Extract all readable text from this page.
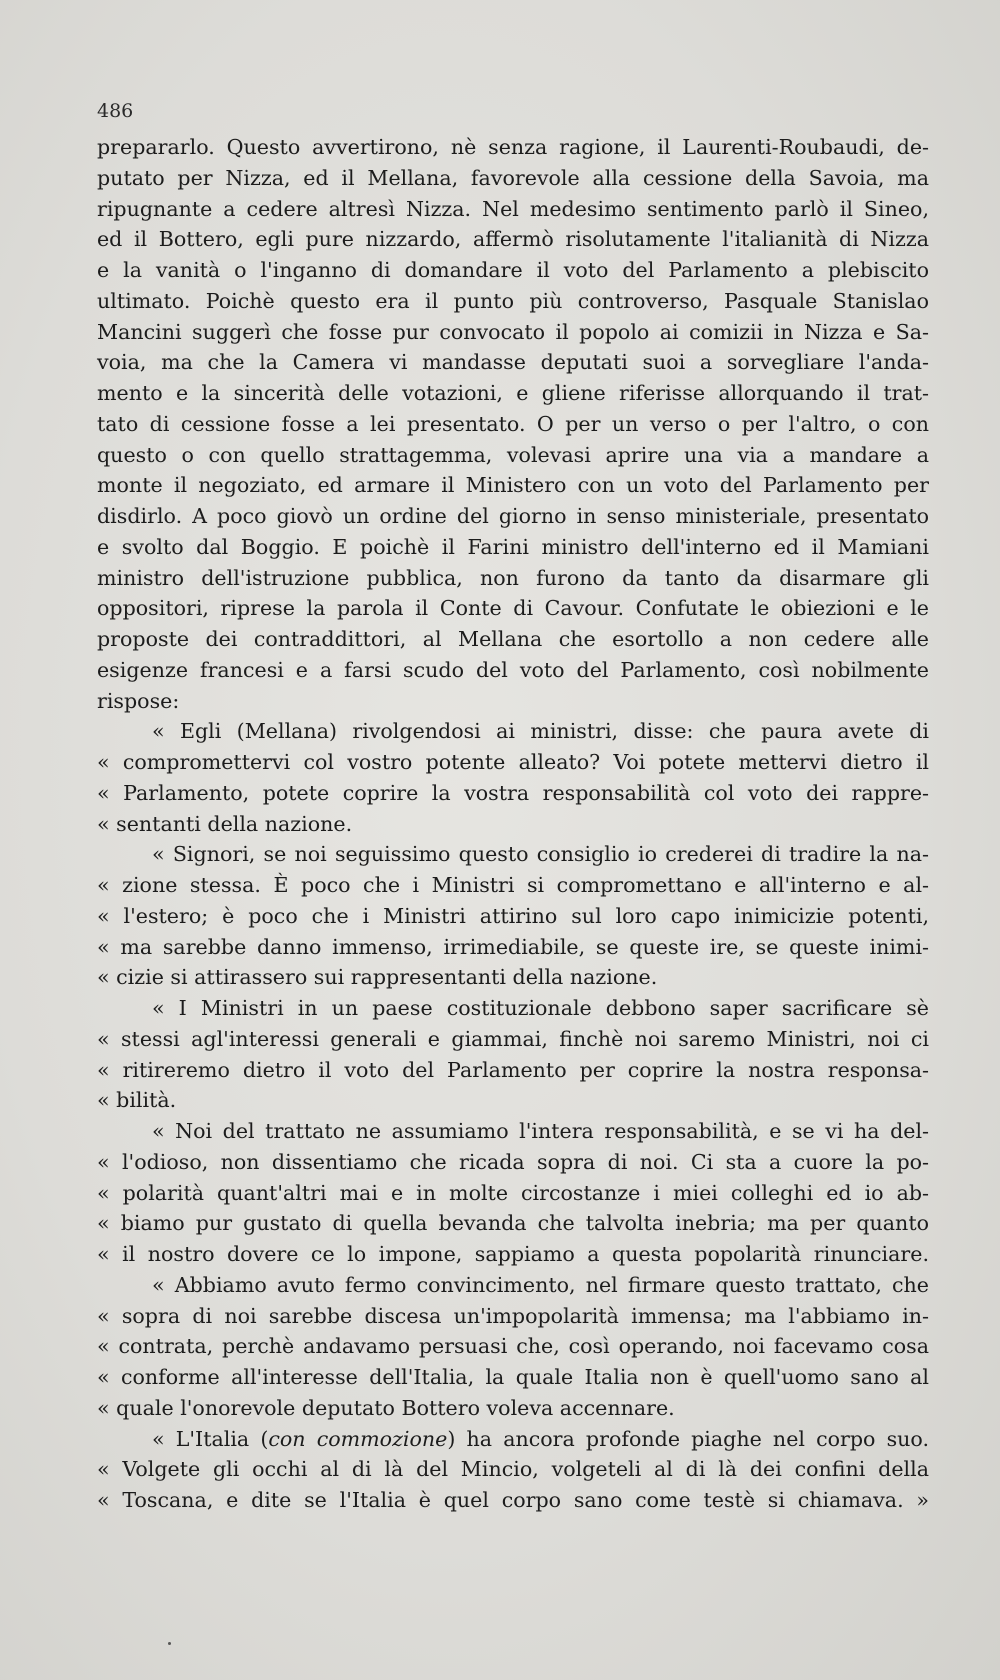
486
prepararlo. Questo avvertirono, nè senza ragione, il Laurenti-Roubaudi, de-
putato per Nizza, ed il Mellana, favorevole alla cessione della Savoia, ma
ripugnante a cedere altresì Nizza. Nel medesimo sentimento parlò il Sineo,
ed il Bottero, egli pure nizzardo, affermò risolutamente l'italianità di Nizza
e la vanità o l'inganno di domandare il voto del Parlamento a plebiscito
ultimato. Poichè questo era il punto più controverso, Pasquale Stanislao
Mancini suggerì che fosse pur convocato il popolo ai comizii in Nizza e Sa-
voia, ma che la Camera vi mandasse deputati suoi a sorvegliare l'anda-
mento e la sincerità delle votazioni, e gliene riferisse allorquando il trat-
tato di cessione fosse a lei presentato. O per un verso o per l'altro, o con
questo o con quello strattagemma, volevasi aprire una via a mandare a
monte il negoziato, ed armare il Ministero con un voto del Parlamento per
disdirlo. A poco giovò un ordine del giorno in senso ministeriale, presentato
e svolto dal Boggio. E poichè il Farini ministro dell'interno ed il Mamiani
ministro dell'istruzione pubblica, non furono da tanto da disarmare gli
oppositori, riprese la parola il Conte di Cavour. Confutate le obiezioni e le
proposte dei contraddittori, al Mellana che esortollo a non cedere alle
esigenze francesi e a farsi scudo del voto del Parlamento, così nobilmente
rispose:
« Egli (Mellana) rivolgendosi ai ministri, disse: che paura avete di
« compromettervi col vostro potente alleato? Voi potete mettervi dietro il
« Parlamento, potete coprire la vostra responsabilità col voto dei rappre-
« sentanti della nazione.
« Signori, se noi seguissimo questo consiglio io crederei di tradire la na-
« zione stessa. È poco che i Ministri si compromettano e all'interno e al-
« l'estero; è poco che i Ministri attirino sul loro capo inimicizie potenti,
« ma sarebbe danno immenso, irrimediabile, se queste ire, se queste inimi-
« cizie si attirassero sui rappresentanti della nazione.
« I Ministri in un paese costituzionale debbono saper sacrificare sè
« stessi agl'interessi generali e giammai, finchè noi saremo Ministri, noi ci
« ritireremo dietro il voto del Parlamento per coprire la nostra responsa-
« bilità.
« Noi del trattato ne assumiamo l'intera responsabilità, e se vi ha del-
« l'odioso, non dissentiamo che ricada sopra di noi. Ci sta a cuore la po-
« polarità quant'altri mai e in molte circostanze i miei colleghi ed io ab-
« biamo pur gustato di quella bevanda che talvolta inebria; ma per quanto
« il nostro dovere ce lo impone, sappiamo a questa popolarità rinunciare.
« Abbiamo avuto fermo convincimento, nel firmare questo trattato, che
« sopra di noi sarebbe discesa un'impopolarità immensa; ma l'abbiamo in-
« contrata, perchè andavamo persuasi che, così operando, noi facevamo cosa
« conforme all'interesse dell'Italia, la quale Italia non è quell'uomo sano al
« quale l'onorevole deputato Bottero voleva accennare.
« L'Italia (con commozione) ha ancora profonde piaghe nel corpo suo.
« Volgete gli occhi al di là del Mincio, volgeteli al di là dei confini della
« Toscana, e dite se l'Italia è quel corpo sano come testè si chiamava. »
